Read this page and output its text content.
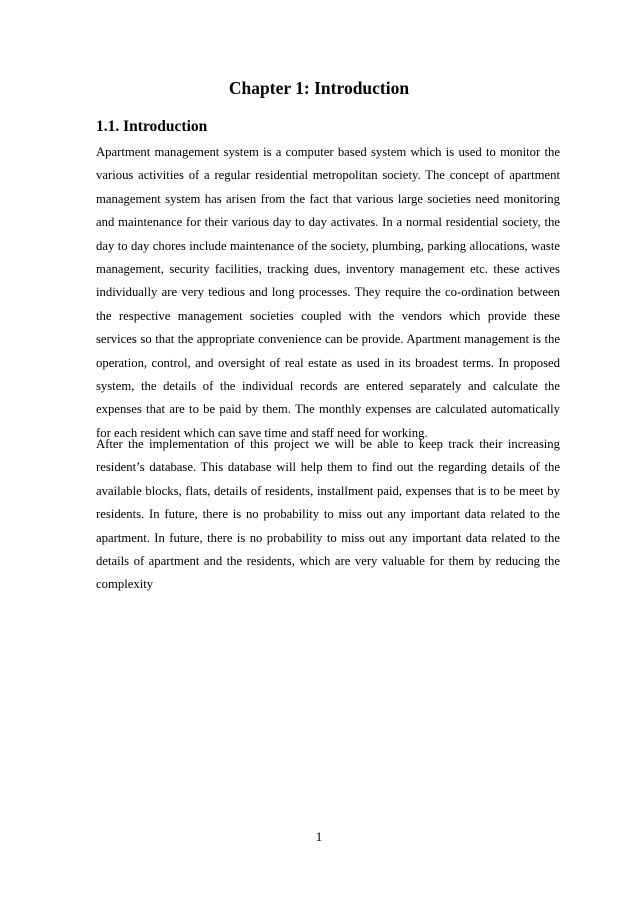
Chapter 1: Introduction
1.1. Introduction

Apartment management system is a computer based system which is used to monitor the various activities of a regular residential metropolitan society. The concept of apartment management system has arisen from the fact that various large societies need monitoring and maintenance for their various day to day activates. In a normal residential society, the day to day chores include maintenance of the society, plumbing, parking allocations, waste management, security facilities, tracking dues, inventory management etc. these actives individually are very tedious and long processes. They require the co-ordination between the respective management societies coupled with the vendors which provide these services so that the appropriate convenience can be provide. Apartment management is the operation, control, and oversight of real estate as used in its broadest terms. In proposed system, the details of the individual records are entered separately and calculate the expenses that are to be paid by them. The monthly expenses are calculated automatically for each resident which can save time and staff need for working.

After the implementation of this project we will be able to keep track their increasing resident’s database. This database will help them to find out the regarding details of the available blocks, flats, details of residents, installment paid, expenses that is to be meet by residents. In future, there is no probability to miss out any important data related to the apartment. In future, there is no probability to miss out any important data related to the details of apartment and the residents, which are very valuable for them by reducing the complexity

1
